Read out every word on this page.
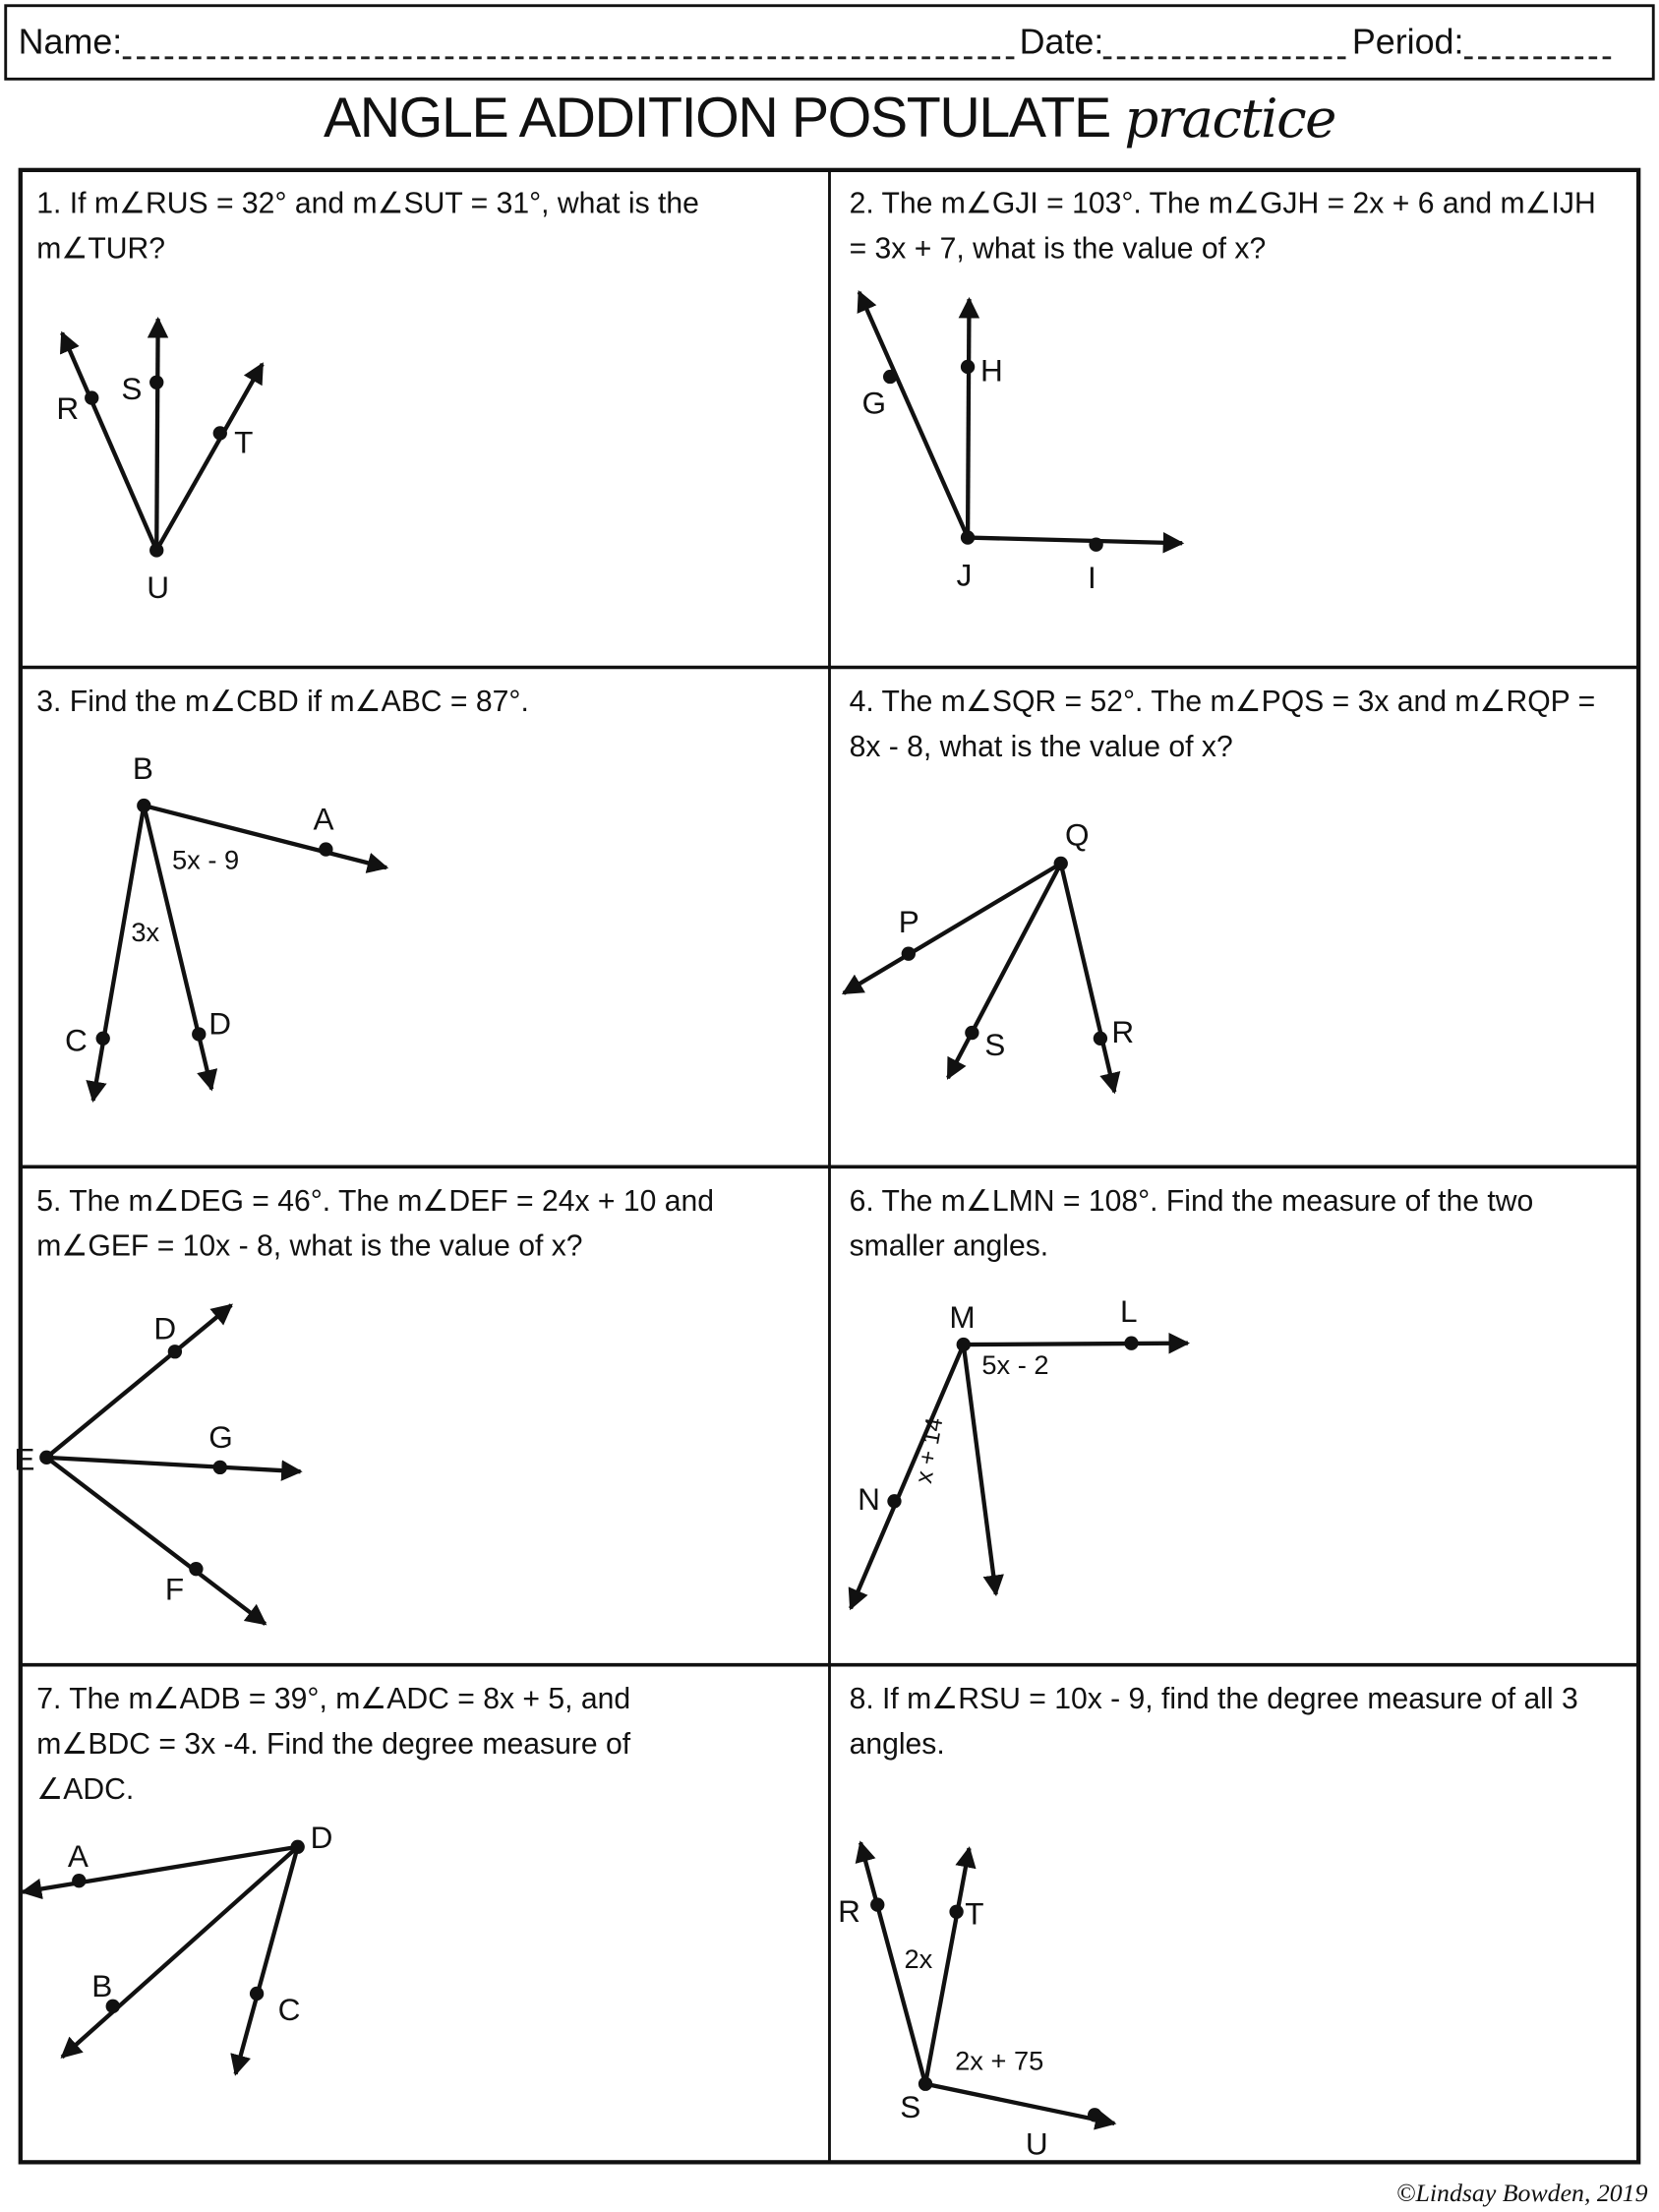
Name:	Date:	Period:
ANGLE ADDITION POSTULATE practice
1. If m∠RUS = 32° and m∠SUT = 31°, what is the m∠TUR?
2. The m∠GJI = 103°. The m∠GJH = 2x + 6 and m∠IJH = 3x + 7, what is the value of x?
3. Find the m∠CBD if m∠ABC = 87°.	4. The m∠SQR = 52°. The m∠PQS = 3x and m∠RQP = 8x - 8, what is the value of x?
5. The m∠DEG = 46°. The m∠DEF = 24x + 10 and m∠GEF = 10x - 8, what is the value of x?
6. The m∠LMN = 108°. Find the measure of the two smaller angles.
7. The m∠ADB = 39°, m∠ADC = 8x + 5, and m∠BDC = 3x -4. Find the degree measure of ∠ADC.
8. If m∠RSU = 10x - 9, find the degree measure of all 3 angles.
R
S
T
U
G
H
J	I
B
A
C	D
5x - 9
3x
Q
P
S	R
D
G
E
F
M	L
N
5x - 2
x + 14
D
A
B
C
R	T
S
U
2x
2x + 75
©Lindsay Bowden, 2019
